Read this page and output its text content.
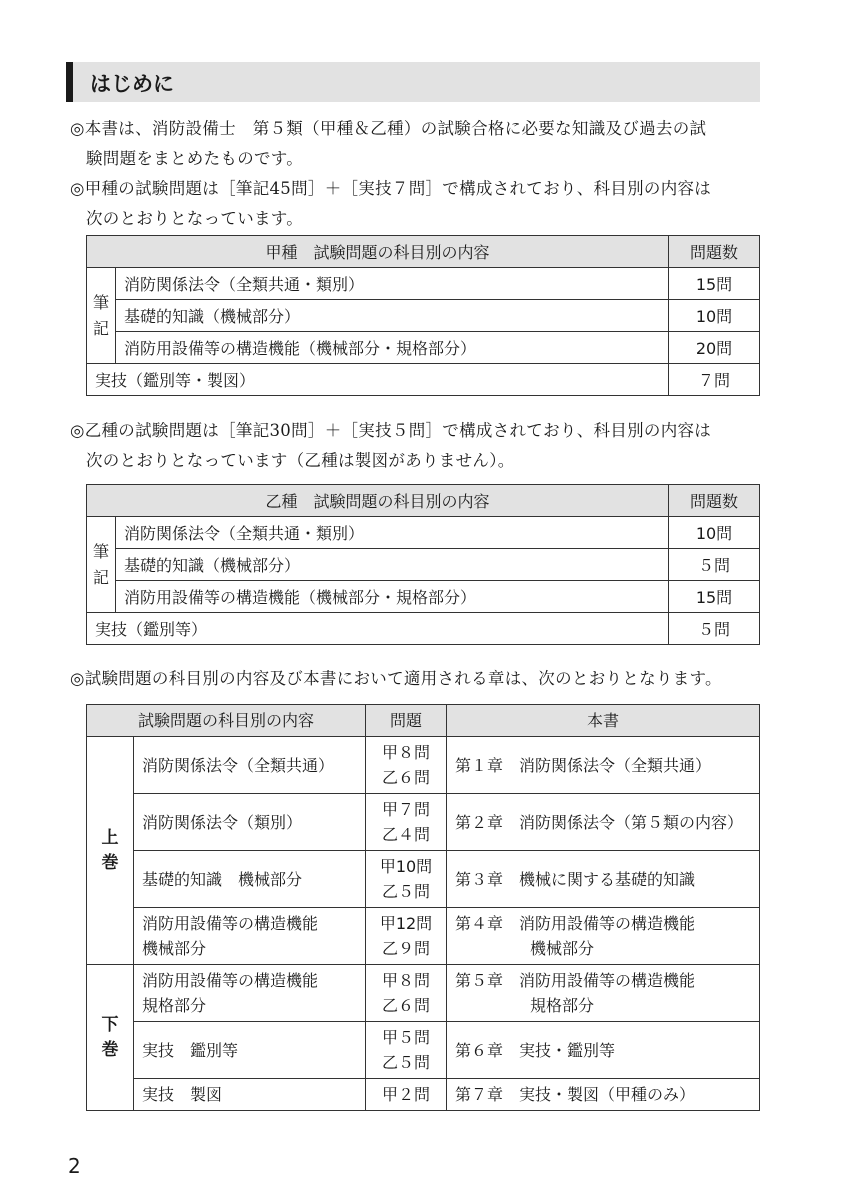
はじめに
◎本書は、消防設備士　第５類（甲種＆乙種）の試験合格に必要な知識及び過去の試
験問題をまとめたものです。
◎甲種の試験問題は［筆記45問］＋［実技７問］で構成されており、科目別の内容は
次のとおりとなっています。
甲種　試験問題の科目別の内容		問題数
筆
記	消防関係法令（全類共通・類別）	15問
	基礎的知識（機械部分）	10問
	消防用設備等の構造機能（機械部分・規格部分）	20問
実技（鑑別等・製図）		７問
◎乙種の試験問題は［筆記30問］＋［実技５問］で構成されており、科目別の内容は
次のとおりとなっています（乙種は製図がありません）。
乙種　試験問題の科目別の内容		問題数
筆
記	消防関係法令（全類共通・類別）	10問
	基礎的知識（機械部分）	５問
	消防用設備等の構造機能（機械部分・規格部分）	15問
実技（鑑別等）		５問
◎試験問題の科目別の内容及び本書において適用される章は、次のとおりとなります。
試験問題の科目別の内容		問題	本書
上巻	消防関係法令（全類共通）	甲８問
乙６問	第１章　 消防関係法令（全類共通）
	消防関係法令（類別）	甲７問
乙４問	第２章　 消防関係法令（第５類の内容）
	基礎的知識　機械部分	甲10問
乙５問	第３章　 機械に関する基礎的知識
	消防用設備等の構造機能
機械部分	甲12問
乙９問	第４章　 消防用設備等の構造機能
機械部分
下巻	消防用設備等の構造機能
規格部分	甲８問
乙６問	第５章　 消防用設備等の構造機能
規格部分
	実技　鑑別等	甲５問
乙５問	第６章　 実技・鑑別等
	実技　製図	甲２問	第７章　 実技・製図（甲種のみ）
2
